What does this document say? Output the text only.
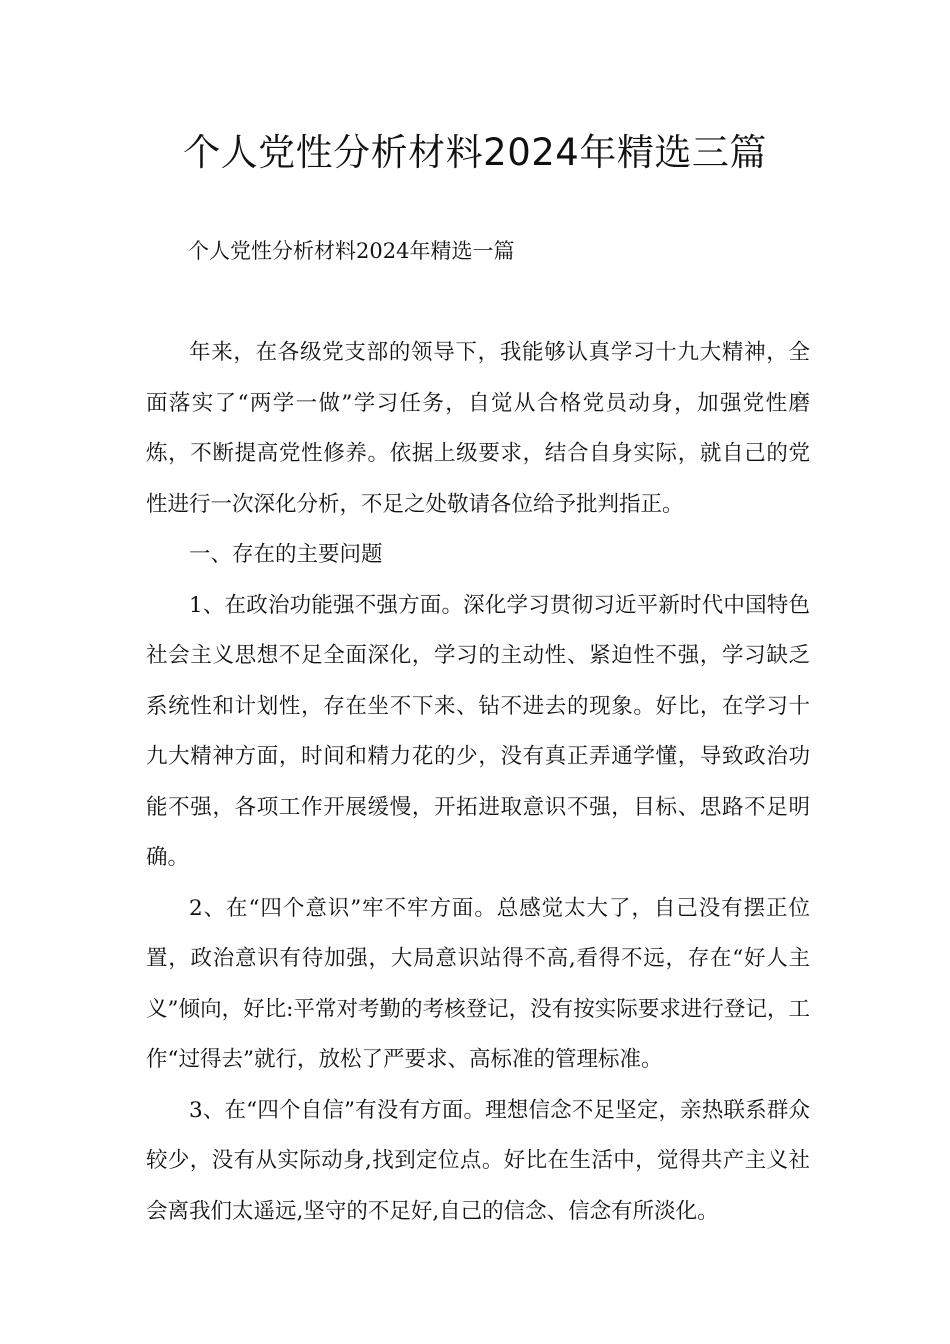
个人党性分析材料2024年精选三篇

个人党性分析材料2024年精选一篇

年来，在各级党支部的领导下，我能够认真学习十九大精神，全面落实了“两学一做”学习任务，自觉从合格党员动身，加强党性磨炼，不断提高党性修养。依据上级要求，结合自身实际，就自己的党性进行一次深化分析，不足之处敬请各位给予批判指正。

一、存在的主要问题

1、在政治功能强不强方面。深化学习贯彻习近平新时代中国特色社会主义思想不足全面深化，学习的主动性、紧迫性不强，学习缺乏系统性和计划性，存在坐不下来、钻不进去的现象。好比，在学习十九大精神方面，时间和精力花的少，没有真正弄通学懂，导致政治功能不强，各项工作开展缓慢，开拓进取意识不强，目标、思路不足明确。

2、在“四个意识”牢不牢方面。总感觉太大了，自己没有摆正位置，政治意识有待加强，大局意识站得不高,看得不远，存在“好人主义”倾向，好比:平常对考勤的考核登记，没有按实际要求进行登记，工作“过得去”就行，放松了严要求、高标准的管理标准。

3、在“四个自信”有没有方面。理想信念不足坚定，亲热联系群众较少，没有从实际动身,找到定位点。好比在生活中，觉得共产主义社会离我们太遥远,坚守的不足好,自己的信念、信念有所淡化。
